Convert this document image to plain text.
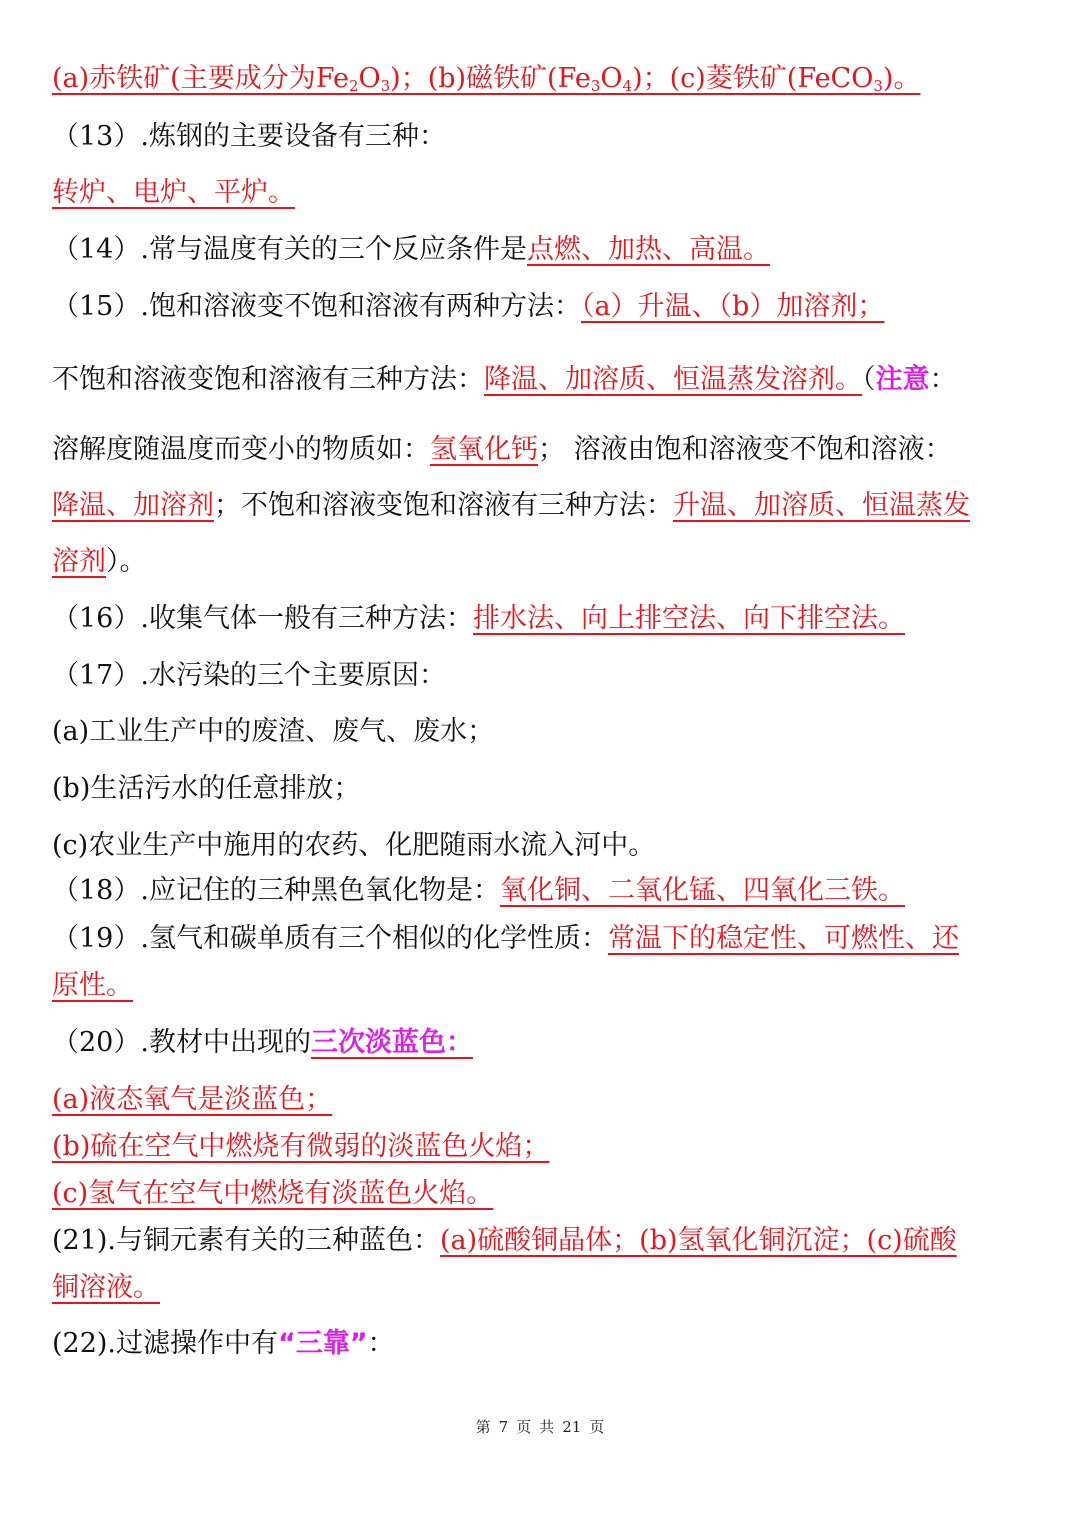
(a)赤铁矿(主要成分为$Fe_2O_3$)；(b)磁铁矿$(Fe_3O_4)$；(c)菱铁矿(FeCO$_3$)。
（13）.炼钢的主要设备有三种：
转炉、电炉、平炉。
（14）.常与温度有关的三个反应条件是点燃、加热、高温。
（15）.饱和溶液变不饱和溶液有两种方法：（a）升温、（b）加溶剂；
不饱和溶液变饱和溶液有三种方法：降温、加溶质、恒温蒸发溶剂。（注意：
溶解度随温度而变小的物质如：氢氧化钙； 溶液由饱和溶液变不饱和溶液：
降温、加溶剂；不饱和溶液变饱和溶液有三种方法：升温、加溶质、恒温蒸发
溶剂）。
（16）.收集气体一般有三种方法：排水法、向上排空法、向下排空法。
（17）.水污染的三个主要原因：
(a)工业生产中的废渣、废气、废水；
(b)生活污水的任意排放；
(c)农业生产中施用的农药、化肥随雨水流入河中。
（18）.应记住的三种黑色氧化物是：氧化铜、二氧化锰、四氧化三铁。
（19）.氢气和碳单质有三个相似的化学性质：常温下的稳定性、可燃性、还
原性。
（20）.教材中出现的三次淡蓝色：
(a)液态氧气是淡蓝色；
(b)硫在空气中燃烧有微弱的淡蓝色火焰；
(c)氢气在空气中燃烧有淡蓝色火焰。
(21).与铜元素有关的三种蓝色：(a)硫酸铜晶体；(b)氢氧化铜沉淀；(c)硫酸
铜溶液。
(22).过滤操作中有“三靠”：
第 7 页 共 21 页
